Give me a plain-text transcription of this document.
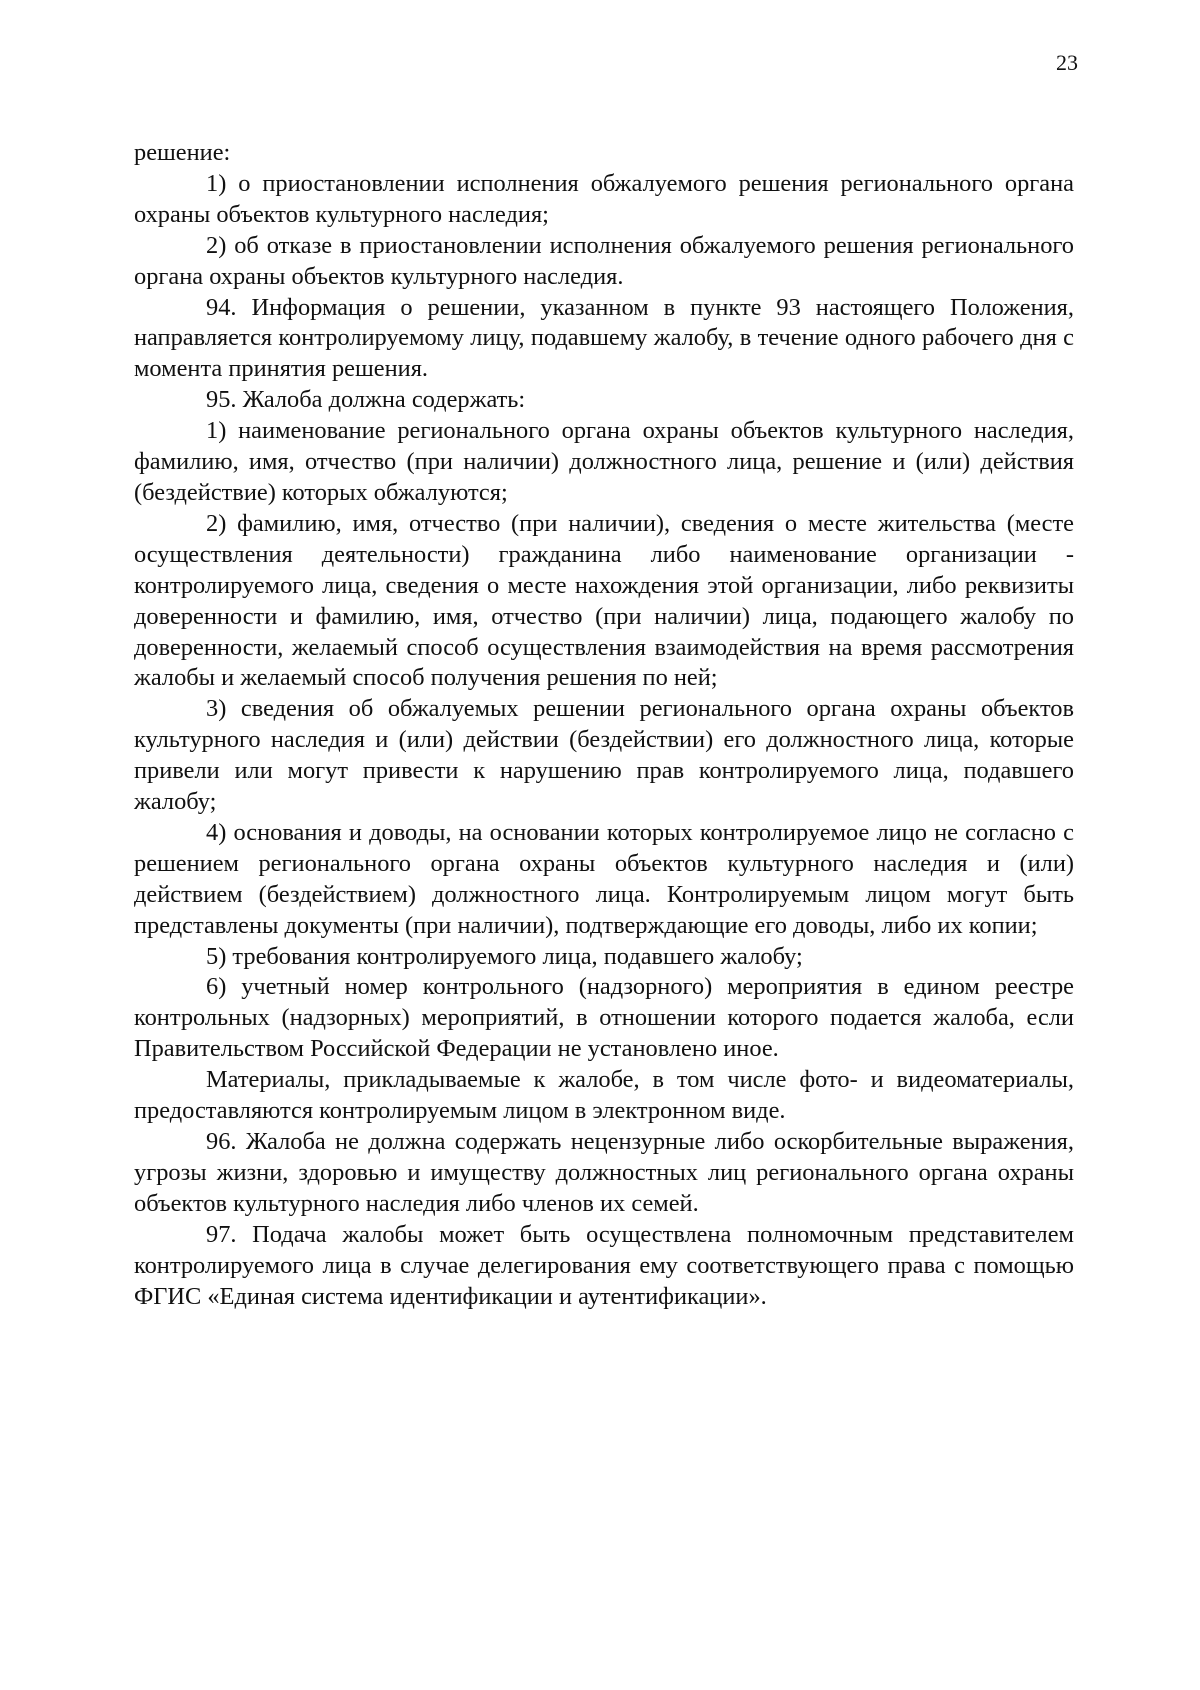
23

решение:

1) о приостановлении исполнения обжалуемого решения регионального органа охраны объектов культурного наследия;

2) об отказе в приостановлении исполнения обжалуемого решения регионального органа охраны объектов культурного наследия.

94. Информация о решении, указанном в пункте 93 настоящего Положения, направляется контролируемому лицу, подавшему жалобу, в течение одного рабочего дня с момента принятия решения.

95. Жалоба должна содержать:

1) наименование регионального органа охраны объектов культурного наследия, фамилию, имя, отчество (при наличии) должностного лица, решение и (или) действия (бездействие) которых обжалуются;

2) фамилию, имя, отчество (при наличии), сведения о месте жительства (месте осуществления деятельности) гражданина либо наименование организации - контролируемого лица, сведения о месте нахождения этой организации, либо реквизиты доверенности и фамилию, имя, отчество (при наличии) лица, подающего жалобу по доверенности, желаемый способ осуществления взаимодействия на время рассмотрения жалобы и желаемый способ получения решения по ней;

3) сведения об обжалуемых решении регионального органа охраны объектов культурного наследия и (или) действии (бездействии) его должностного лица, которые привели или могут привести к нарушению прав контролируемого лица, подавшего жалобу;

4) основания и доводы, на основании которых контролируемое лицо не согласно с решением регионального органа охраны объектов культурного наследия и (или) действием (бездействием) должностного лица. Контролируемым лицом могут быть представлены документы (при наличии), подтверждающие его доводы, либо их копии;

5) требования контролируемого лица, подавшего жалобу;

6) учетный номер контрольного (надзорного) мероприятия в едином реестре контрольных (надзорных) мероприятий, в отношении которого подается жалоба, если Правительством Российской Федерации не установлено иное.

Материалы, прикладываемые к жалобе, в том числе фото- и видеоматериалы, предоставляются контролируемым лицом в электронном виде.

96. Жалоба не должна содержать нецензурные либо оскорбительные выражения, угрозы жизни, здоровью и имуществу должностных лиц регионального органа охраны объектов культурного наследия либо членов их семей.

97. Подача жалобы может быть осуществлена полномочным представителем контролируемого лица в случае делегирования ему соответствующего права с помощью ФГИС «Единая система идентификации и аутентификации».
